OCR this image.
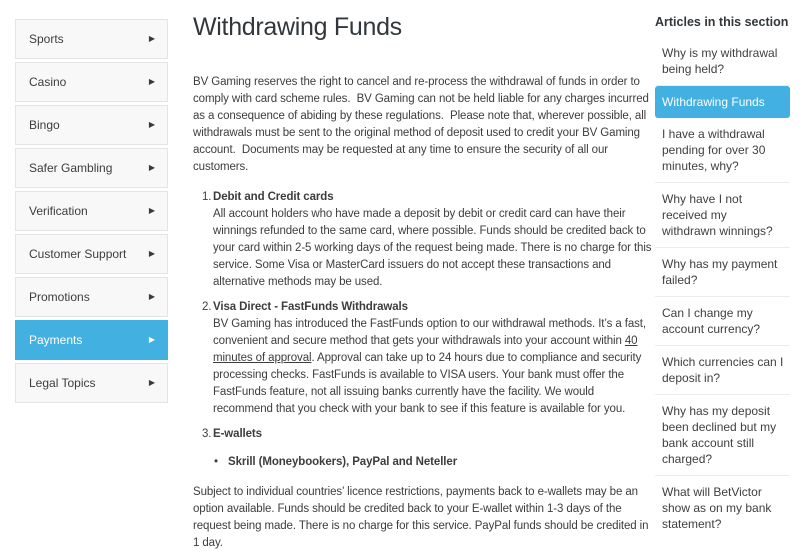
Sports	▶
Casino	▶
Bingo	▶
Safer Gambling	▶
Verification	▶
Customer Support	▶
Promotions	▶
Payments	▶
Legal Topics	▶
Withdrawing Funds

BV Gaming reserves the right to cancel and re-process the withdrawal of funds in order to comply with card scheme rules.  BV Gaming can not be held liable for any charges incurred as a consequence of abiding by these regulations.  Please note that, wherever possible, all withdrawals must be sent to the original method of deposit used to credit your BV Gaming account.  Documents may be requested at any time to ensure the security of all our customers.

1. Debit and Credit cards
All account holders who have made a deposit by debit or credit card can have their winnings refunded to the same card, where possible. Funds should be credited back to your card within 2-5 working days of the request being made. There is no charge for this service. Some Visa or MasterCard issuers do not accept these transactions and alternative methods may be used.
2. Visa Direct - FastFunds Withdrawals
BV Gaming has introduced the FastFunds option to our withdrawal methods. It’s a fast, convenient and secure method that gets your withdrawals into your account within 40 minutes of approval. Approval can take up to 24 hours due to compliance and security processing checks. FastFunds is available to VISA users. Your bank must offer the FastFunds feature, not all issuing banks currently have the facility. We would recommend that you check with your bank to see if this feature is available for you.
3. E-wallets
• Skrill (Moneybookers), PayPal and Neteller

Subject to individual countries’ licence restrictions, payments back to e-wallets may be an option available. Funds should be credited back to your E-wallet within 1-3 days of the request being made. There is no charge for this service. PayPal funds should be credited in 1 day.

Articles in this section
Why is my withdrawal being held?
Withdrawing Funds
I have a withdrawal pending for over 30 minutes, why?
Why have I not received my withdrawn winnings?
Why has my payment failed?
Can I change my account currency?
Which currencies can I deposit in?
Why has my deposit been declined but my bank account still charged?
What will BetVictor show as on my bank statement?
